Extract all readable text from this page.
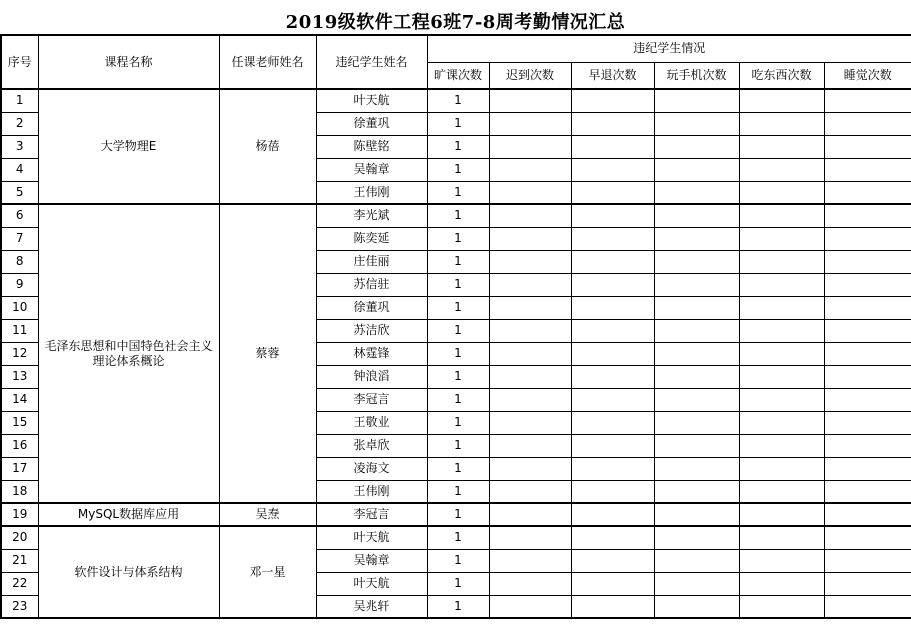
2019级软件工程6班7-8周考勤情况汇总
序号	课程名称	任课老师姓名	违纪学生姓名	违纪学生情况					
				旷课次数	迟到次数	早退次数	玩手机次数	吃东西次数	睡觉次数
1	大学物理E	杨蓓	叶天航	1					
2			徐董巩	1					
3			陈壁铭	1					
4			吴翰章	1					
5			王伟刚	1					
6	毛泽东思想和中国特色社会主义理论体系概论	蔡蓉	李光斌	1					
7			陈奕延	1					
8			庄佳丽	1					
9			苏信驻	1					
10			徐董巩	1					
11			苏洁欣	1					
12			林霆锋	1					
13			钟浪滔	1					
14			李冠言	1					
15			王敬业	1					
16			张卓欣	1					
17			凌海文	1					
18			王伟刚	1					
19	MySQL数据库应用	吴焘	李冠言	1					
20	软件设计与体系结构	邓一星	叶天航	1					
21			吴翰章	1					
22			叶天航	1					
23			吴兆轩	1					
